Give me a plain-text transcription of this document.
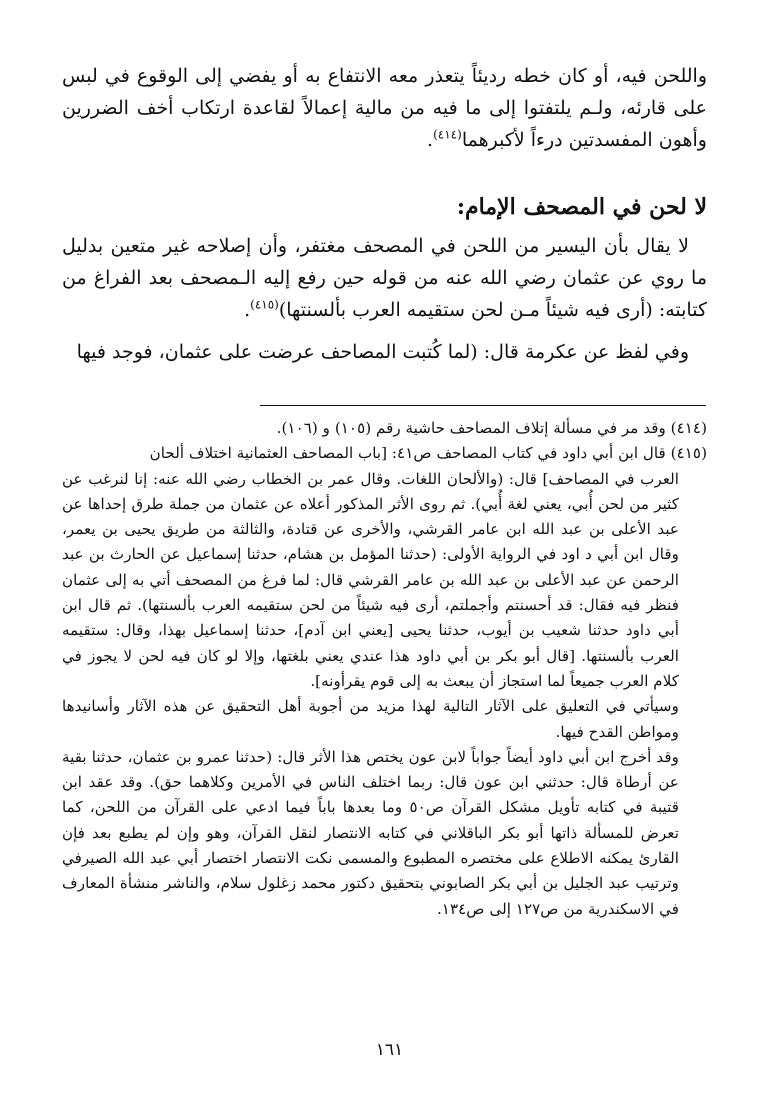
واللحن فيه، أو كان خطه رديئاً يتعذر معه الانتفاع به أو يفضي إلى الوقوع في لبس على قارئه، ولـم يلتفتوا إلى ما فيه من مالية إعمالاً لقاعدة ارتكاب أخف الضررين وأهون المفسدتين درءاً لأكبرهما$^{(٤١٤)}$.

لا لحن في المصحف الإمام:

لا يقال بأن اليسير من اللحن في المصحف مغتفر، وأن إصلاحه غير متعين بدليل ما روي عن عثمان رضي الله عنه من قوله حين رفع إليه الـمصحف بعد الفراغ من كتابته: (أرى فيه شيئاً مـن لحن ستقيمه العرب بألسنتها)$^{(٤١٥)}$.

وفي لفظ عن عكرمة قال: (لما كُتبت المصاحف عرضت على عثمان، فوجد فيها

(٤١٤) وقد مر في مسألة إتلاف المصاحف حاشية رقم (١٠٥) و (١٠٦).

(٤١٥) قال ابن أبي داود في كتاب المصاحف ص٤١: [باب المصاحف العثمانية اختلاف ألحان

العرب في المصاحف] قال: (والألحان اللغات. وقال عمر بن الخطاب رضي الله عنه: إنا لنرغب عن كثير من لحن أُبي، يعني لغة أُبي). ثم روى الأثر المذكور أعلاه عن عثمان من جملة طرق إحداها عن عبد الأعلى بن عبد الله ابن عامر القرشي، والأخرى عن قتادة، والثالثة من طريق يحيى بن يعمر، وقال ابن أبي د اود في الرواية الأولى: (حدثنا المؤمل بن هشام، حدثنا إسماعيل عن الحارث بن عبد الرحمن عن عبد الأعلى بن عبد الله بن عامر القرشي قال: لما فرغ من المصحف أتي به إلى عثمان فنظر فيه فقال: قد أحسنتم وأجملتم، أرى فيه شيئاً من لحن ستقيمه العرب بألسنتها). ثم قال ابن أبي داود حدثنا شعيب بن أيوب، حدثنا يحيى [يعني ابن آدم]، حدثنا إسماعيل بهذا، وقال: ستقيمه العرب بألسنتها. [قال أبو بكر بن أبي داود هذا عندي يعني بلغتها، وإلا لو كان فيه لحن لا يجوز في كلام العرب جميعاً لما استجاز أن يبعث به إلى قوم يقرأونه].

وسيأتي في التعليق على الآثار التالية لهذا مزيد من أجوبة أهل التحقيق عن هذه الآثار وأسانيدها ومواطن القدح فيها.

وقد أخرج ابن أبي داود أيضاً جواباً لابن عون يختص هذا الأثر قال: (حدثنا عمرو بن عثمان، حدثنا بقية عن أرطاة قال: حدثني ابن عون قال: ربما اختلف الناس في الأمرين وكلاهما حق). وقد عقد ابن قتيبة في كتابه تأويل مشكل القرآن ص٥٠ وما بعدها باباً فيما ادعي على القرآن من اللحن، كما تعرض للمسألة ذاتها أبو بكر الباقلاني في كتابه الانتصار لنقل القرآن، وهو وإن لم يطبع بعد فإن القارئ يمكنه الاطلاع على مختصره المطبوع والمسمى نكت الانتصار اختصار أبي عبد الله الصيرفي وترتيب عبد الجليل بن أبي بكر الصابوني بتحقيق دكتور محمد زغلول سلام، والناشر منشأة المعارف في الاسكندرية من ص١٢٧ إلى ص١٣٤.

١٦١
